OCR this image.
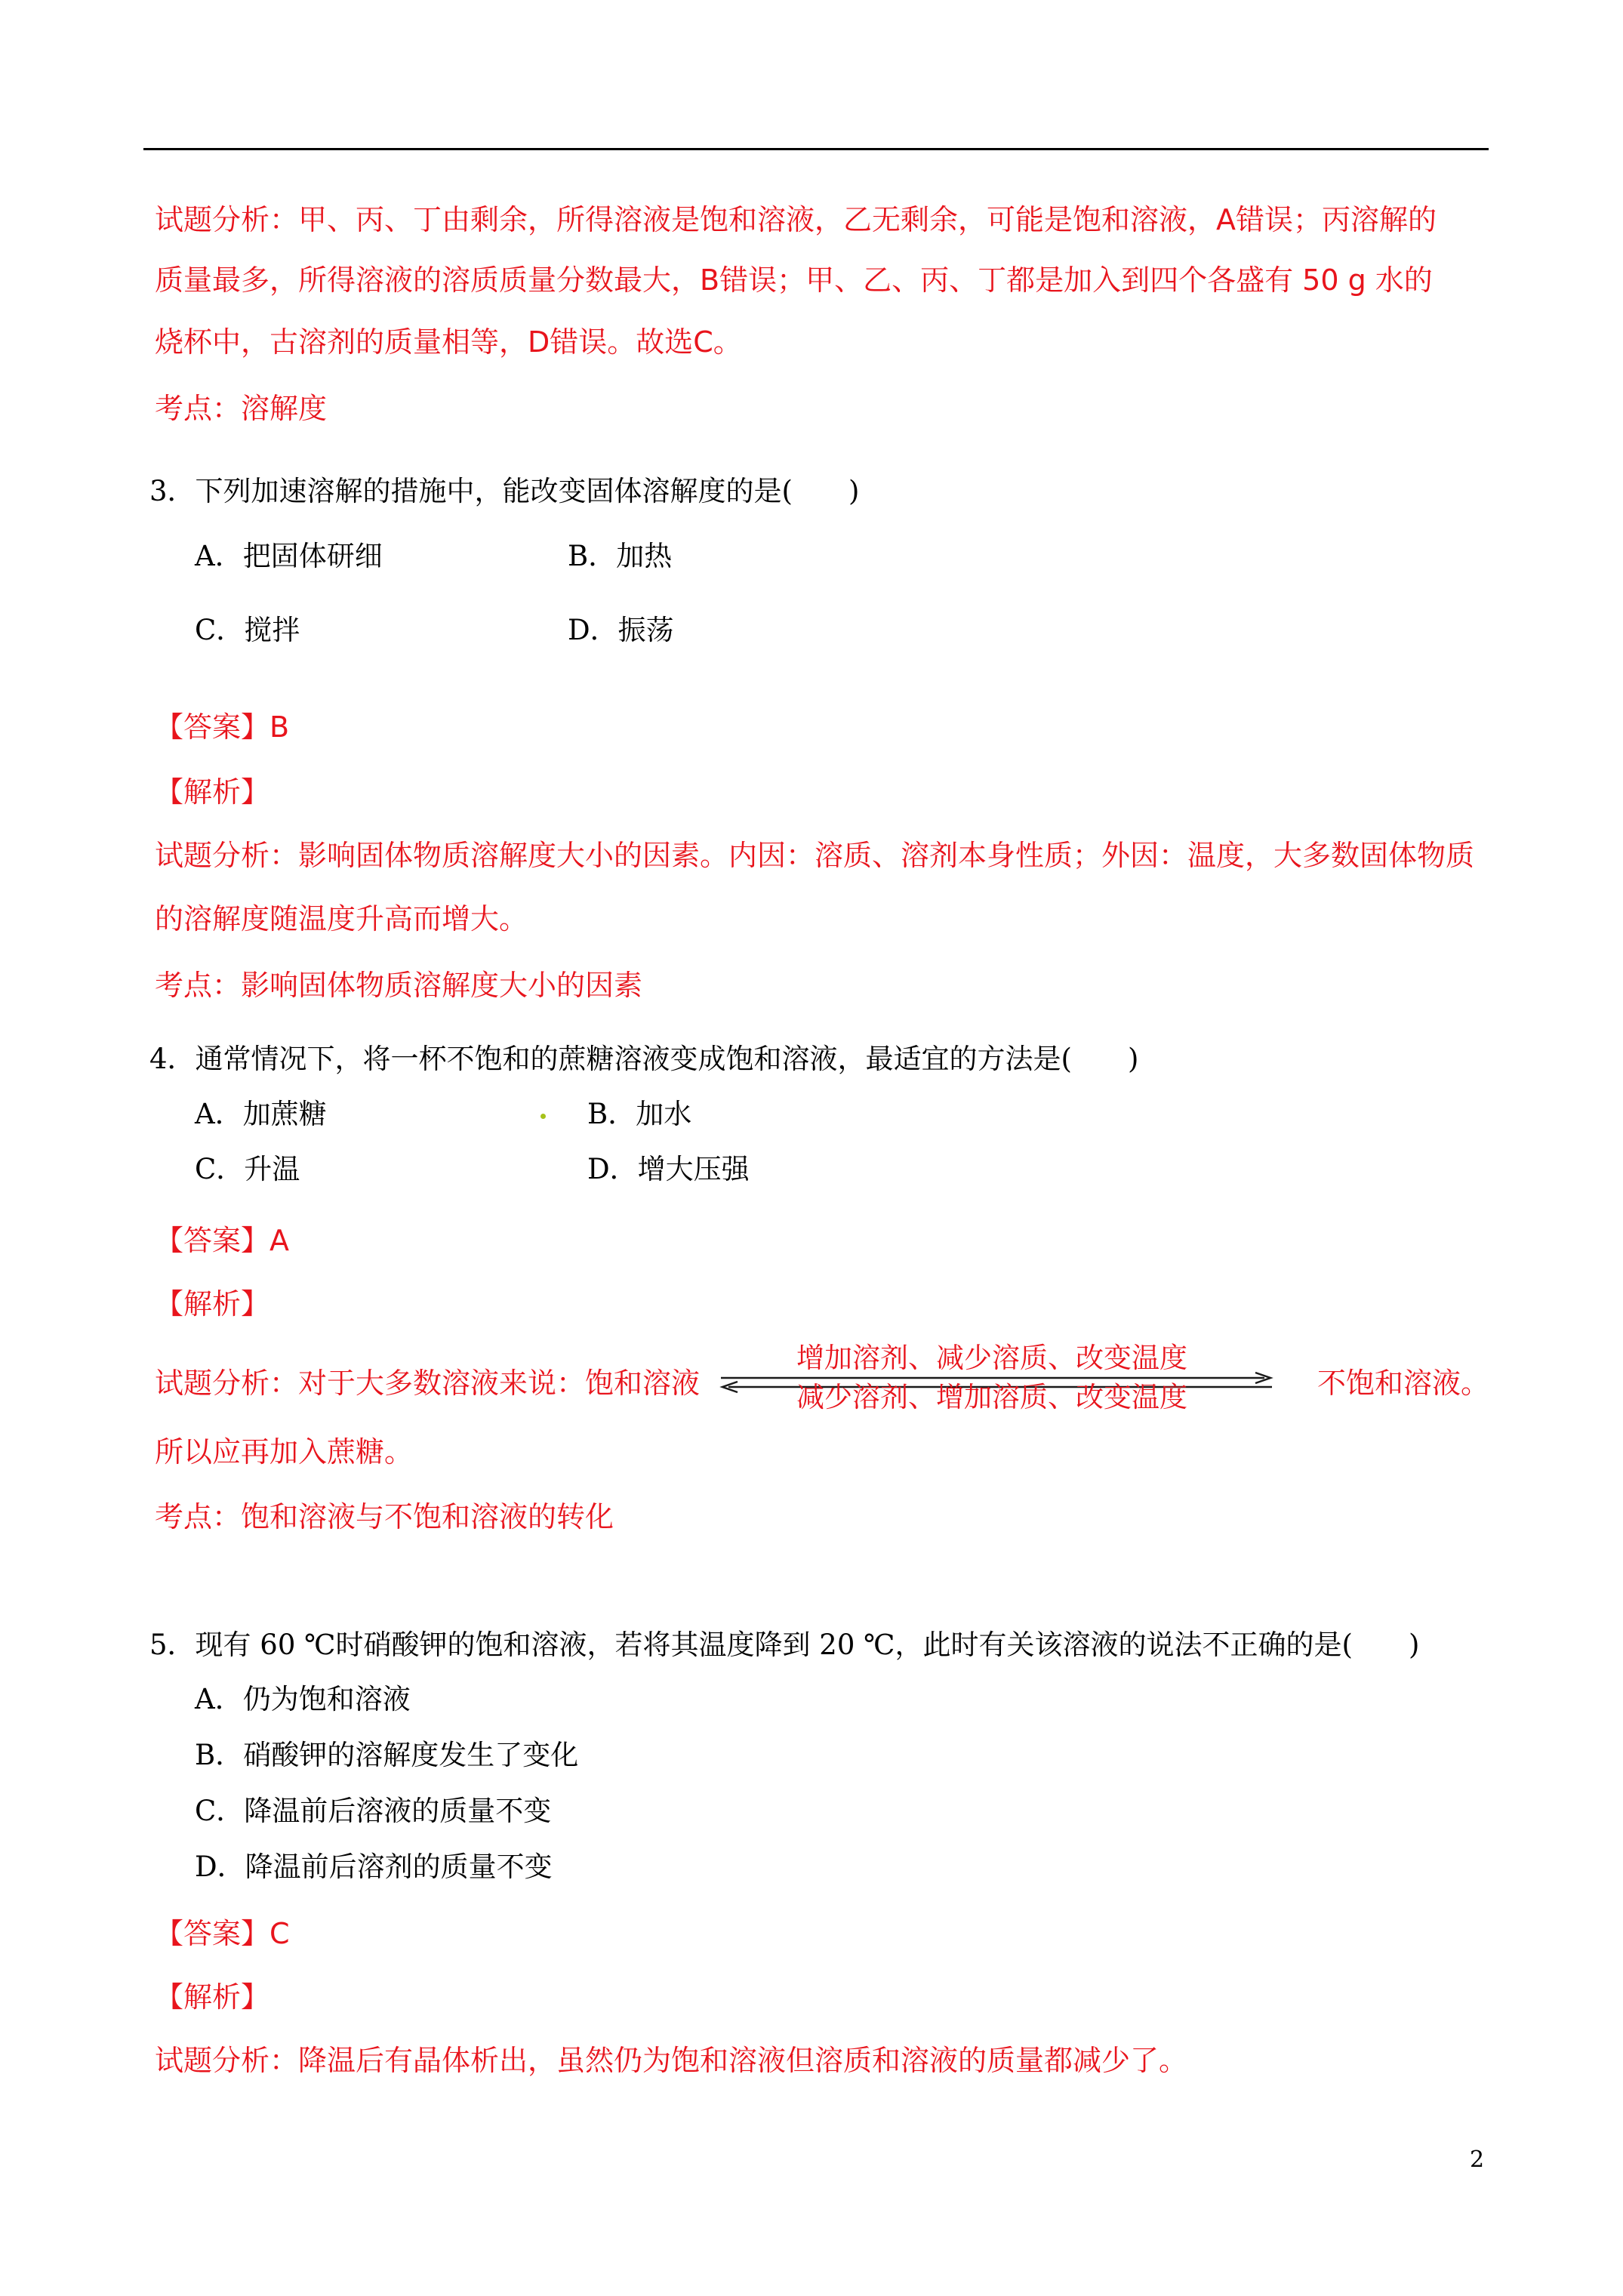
试题分析：甲、丙、丁由剩余，所得溶液是饱和溶液，乙无剩余，可能是饱和溶液，A错误；丙溶解的
质量最多，所得溶液的溶质质量分数最大，B错误；甲、乙、丙、丁都是加入到四个各盛有 50 g 水的
烧杯中，古溶剂的质量相等，D错误。故选C。
考点：溶解度
3．下列加速溶解的措施中，能改变固体溶解度的是(　　)
A．把固体研细	B．加热
C．搅拌	D．振荡
【答案】B
【解析】
试题分析：影响固体物质溶解度大小的因素。内因：溶质、溶剂本身性质；外因：温度，大多数固体物质
的溶解度随温度升高而增大。
考点：影响固体物质溶解度大小的因素
4．通常情况下，将一杯不饱和的蔗糖溶液变成饱和溶液，最适宜的方法是(　　)
A．加蔗糖	B．加水
C．升温	D．增大压强
【答案】A
【解析】
试题分析：对于大多数溶液来说：饱和溶液
增加溶剂、减少溶质、改变温度
减少溶剂、增加溶质、改变温度	不饱和溶液。
所以应再加入蔗糖。
考点：饱和溶液与不饱和溶液的转化
5．现有 60 ℃时硝酸钾的饱和溶液，若将其温度降到 20 ℃，此时有关该溶液的说法不正确的是(　　)
A．仍为饱和溶液
B．硝酸钾的溶解度发生了变化
C．降温前后溶液的质量不变
D．降温前后溶剂的质量不变
【答案】C
【解析】
试题分析：降温后有晶体析出，虽然仍为饱和溶液但溶质和溶液的质量都减少了。
2
